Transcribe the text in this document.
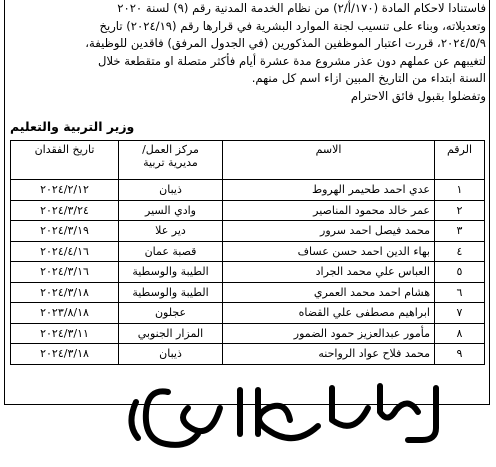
فاستنادا لاحكام المادة (١٧٠/أ/٢) من نظام الخدمة المدنية رقم (٩) لسنة ٢٠٢٠
وتعديلاته، وبناء على تنسيب لجنة الموارد البشرية في قرارها رقم (٢٠٢٤/١٩) تاريخ
٢٠٢٤/٥/٩، قررت اعتبار الموظفين المذكورين (في الجدول المرفق) فاقدين للوظيفة،
لتغيبهم عن عملهم دون عذر مشروع مدة عشرة أيام فأكثر متصلة او متقطعة خلال
السنة ابتداء من التاريخ المبين ازاء اسم كل منهم.
وتفضلوا بقبول فائق الاحترام
وزير التربية والتعليم
الرقم	الاسم	مركز العمل/
مديرية تربية	تاريخ الفقدان
١	عدي احمد طحيمر الهروط	ذيبان	٢٠٢٤/٢/١٢
٢	عمر خالد محمود المناصير	وادي السير	٢٠٢٤/٣/٢٤
٣	محمد فيصل احمد سرور	دير علا	٢٠٢٤/٣/١٩
٤	بهاء الدين احمد حسن عساف	قصبة عمان	٢٠٢٤/٤/١٦
٥	العباس علي محمد الجراد	الطيبة والوسطية	٢٠٢٤/٣/١٦
٦	هشام احمد محمد العمري	الطيبة والوسطية	٢٠٢٤/٣/١٨
٧	ابراهيم مصطفى علي القضاه	عجلون	٢٠٢٣/٨/١٨
٨	مأمور عبدالعزيز حمود الضمور	المزار الجنوبي	٢٠٢٤/٣/١١
٩	محمد فلاح عواد الرواحنه	ذيبان	٢٠٢٤/٣/١٨
